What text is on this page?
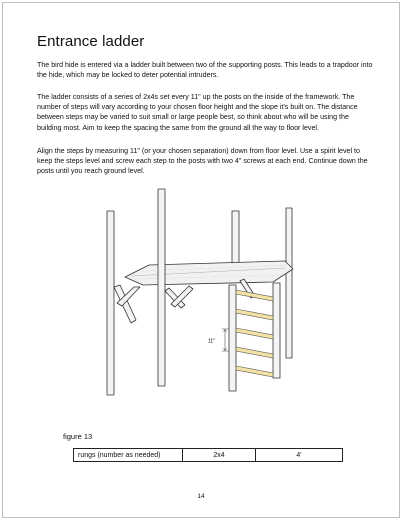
Entrance ladder

The bird hide is entered via a ladder built between two of the supporting posts. This leads to a trapdoor into the hide, which may be locked to deter potential intruders.

The ladder consists of a series of 2x4s set every 11" up the posts on the inside of the framework. The number of steps will vary according to your chosen floor height and the slope it's built on. The distance between steps may be varied to suit small or large people best, so think about who will be using the building most. Aim to keep the spacing the same from the ground all the way to floor level.

Align the steps by measuring 11" (or your chosen separation) down from floor level. Use a spirit level to keep the steps level and screw each step to the posts with two 4" screws at each end. Continue down the posts until you reach ground level.

11"
figure 13
rungs (number as needed)	2x4	4'
14
